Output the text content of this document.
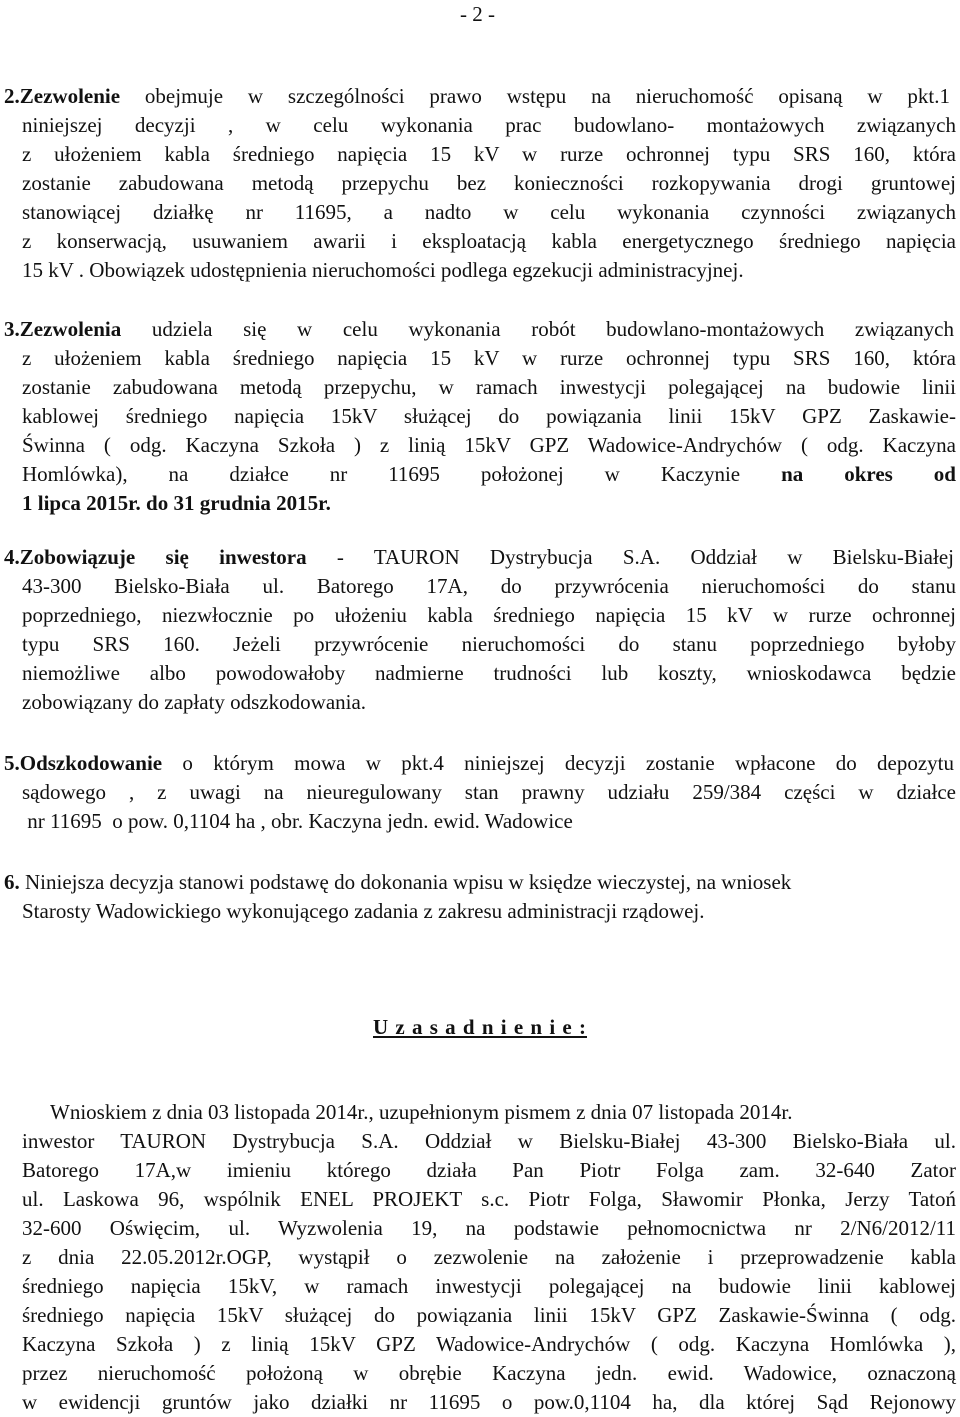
- 2 -
2.Zezwolenie obejmuje w szczególności prawo wstępu na nieruchomość opisaną w pkt.1
niniejszej decyzji , w celu wykonania prac budowlano- montażowych związanych
z ułożeniem kabla średniego napięcia 15 kV w rurze ochronnej typu SRS 160, która
zostanie zabudowana metodą przepychu bez konieczności rozkopywania drogi gruntowej
stanowiącej działkę nr 11695, a nadto w celu wykonania czynności związanych
z konserwacją, usuwaniem awarii i eksploatacją kabla energetycznego średniego napięcia
15 kV . Obowiązek udostępnienia nieruchomości podlega egzekucji administracyjnej.
3.Zezwolenia udziela się w celu wykonania robót budowlano-montażowych związanych
z ułożeniem kabla średniego napięcia 15 kV w rurze ochronnej typu SRS 160, która
zostanie zabudowana metodą przepychu, w ramach inwestycji polegającej na budowie linii
kablowej średniego napięcia 15kV służącej do powiązania linii 15kV GPZ Zaskawie-
Świnna ( odg. Kaczyna Szkoła ) z linią 15kV GPZ Wadowice-Andrychów ( odg. Kaczyna
Homlówka), na działce nr 11695 położonej w Kaczynie na okres od
1 lipca 2015r. do 31 grudnia 2015r.
4.Zobowiązuje się inwestora - TAURON Dystrybucja S.A. Oddział w Bielsku-Białej
43-300 Bielsko-Biała ul. Batorego 17A, do przywrócenia nieruchomości do stanu
poprzedniego, niezwłocznie po ułożeniu kabla średniego napięcia 15 kV w rurze ochronnej
typu SRS 160. Jeżeli przywrócenie nieruchomości do stanu poprzedniego byłoby
niemożliwe albo powodowałoby nadmierne trudności lub koszty, wnioskodawca będzie
zobowiązany do zapłaty odszkodowania.
5.Odszkodowanie o którym mowa w pkt.4 niniejszej decyzji zostanie wpłacone do depozytu
sądowego , z uwagi na nieuregulowany stan prawny udziału 259/384 części w działce
nr 11695  o pow. 0,1104 ha , obr. Kaczyna jedn. ewid. Wadowice
6. Niniejsza decyzja stanowi podstawę do dokonania wpisu w księdze wieczystej, na wniosek
Starosty Wadowickiego wykonującego zadania z zakresu administracji rządowej.
U z a s a d n i e n i e :
Wnioskiem z dnia 03 listopada 2014r., uzupełnionym pismem z dnia 07 listopada 2014r.
inwestor TAURON Dystrybucja S.A. Oddział w Bielsku-Białej 43-300 Bielsko-Biała ul.
Batorego 17A,w imieniu którego działa Pan Piotr Folga zam. 32-640 Zator
ul. Laskowa 96, wspólnik ENEL PROJEKT s.c. Piotr Folga, Sławomir Płonka, Jerzy Tatoń
32-600 Oświęcim, ul. Wyzwolenia 19, na podstawie pełnomocnictwa nr 2/N6/2012/11
z dnia 22.05.2012r.OGP, wystąpił o zezwolenie na założenie i przeprowadzenie kabla
średniego napięcia 15kV, w ramach inwestycji polegającej na budowie linii kablowej
średniego napięcia 15kV służącej do powiązania linii 15kV GPZ Zaskawie-Świnna ( odg.
Kaczyna Szkoła ) z linią 15kV GPZ Wadowice-Andrychów ( odg. Kaczyna Homlówka ),
przez nieruchomość położoną w obrębie Kaczyna jedn. ewid. Wadowice, oznaczoną
w ewidencji gruntów jako działki nr 11695 o pow.0,1104 ha, dla której Sąd Rejonowy
